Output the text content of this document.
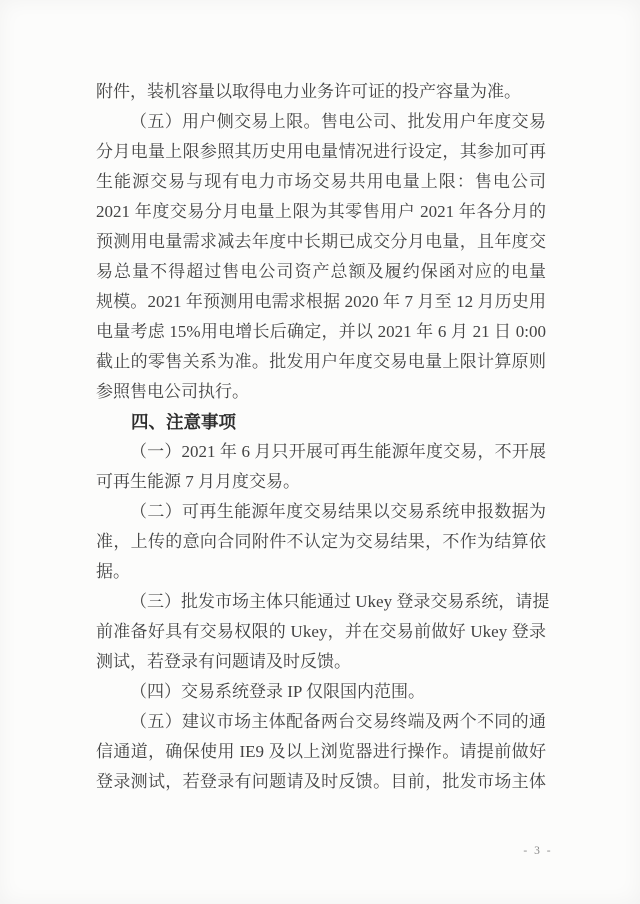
附件，装机容量以取得电力业务许可证的投产容量为准。
（五）用户侧交易上限。售电公司、批发用户年度交易
分月电量上限参照其历史用电量情况进行设定，其参加可再
生能源交易与现有电力市场交易共用电量上限：售电公司
2021 年度交易分月电量上限为其零售用户 2021 年各分月的
预测用电量需求减去年度中长期已成交分月电量，且年度交
易总量不得超过售电公司资产总额及履约保函对应的电量
规模。2021 年预测用电需求根据 2020 年 7 月至 12 月历史用
电量考虑 15%用电增长后确定，并以 2021 年 6 月 21 日 0:00
截止的零售关系为准。批发用户年度交易电量上限计算原则
参照售电公司执行。
四、注意事项
（一）2021 年 6 月只开展可再生能源年度交易，不开展
可再生能源 7 月月度交易。
（二）可再生能源年度交易结果以交易系统申报数据为
准，上传的意向合同附件不认定为交易结果，不作为结算依
据。
（三）批发市场主体只能通过 Ukey 登录交易系统，请提
前准备好具有交易权限的 Ukey，并在交易前做好 Ukey 登录
测试，若登录有问题请及时反馈。
（四）交易系统登录 IP 仅限国内范围。
（五）建议市场主体配备两台交易终端及两个不同的通
信通道，确保使用 IE9 及以上浏览器进行操作。请提前做好
登录测试，若登录有问题请及时反馈。目前，批发市场主体
- 3 -
